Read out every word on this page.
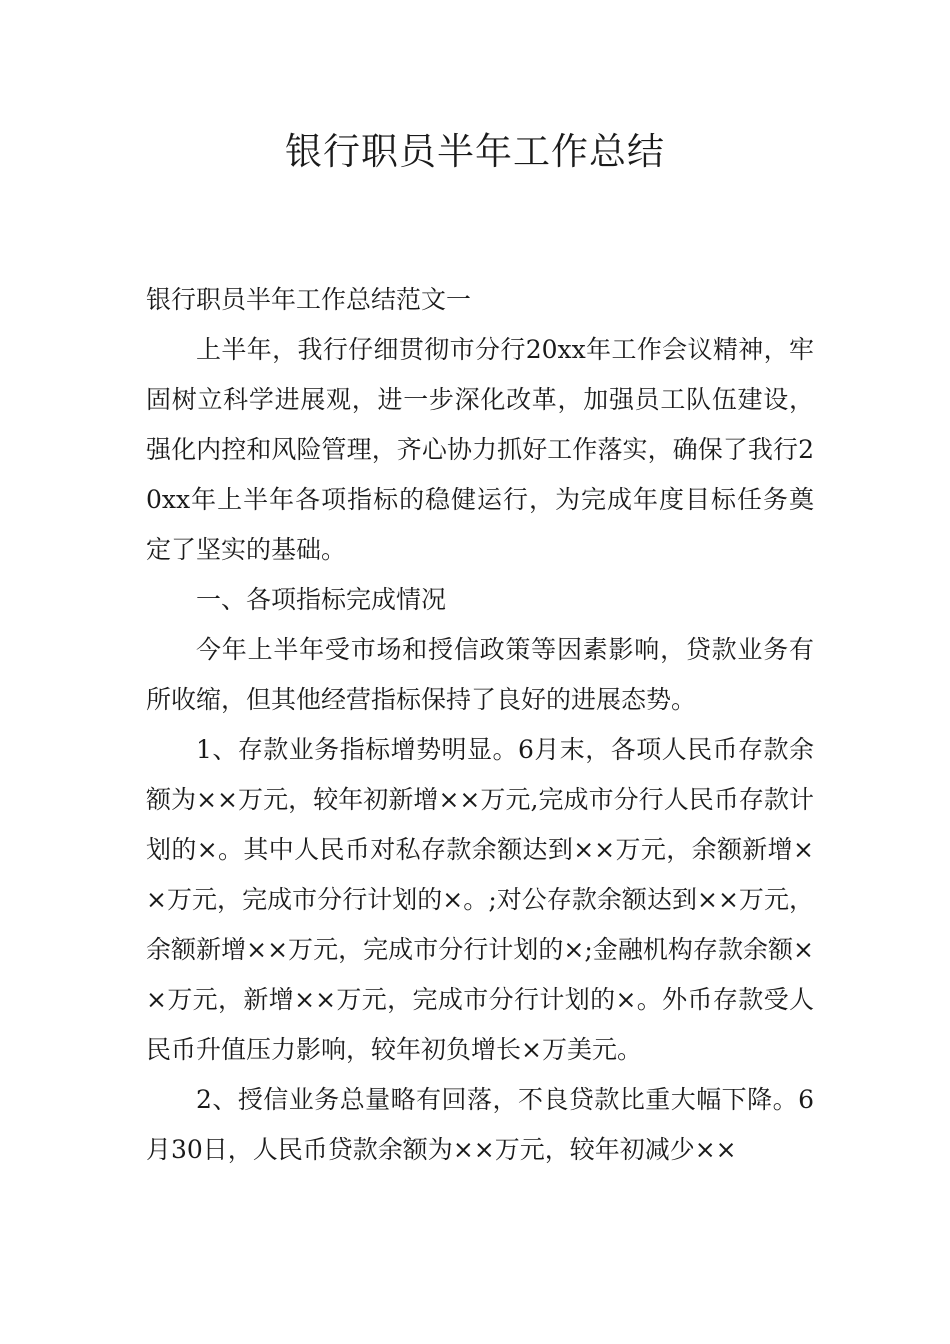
银行职员半年工作总结

银行职员半年工作总结范文一

上半年，我行仔细贯彻市分行20xx年工作会议精神，牢固树立科学进展观，进一步深化改革，加强员工队伍建设，强化内控和风险管理，齐心协力抓好工作落实，确保了我行20xx年上半年各项指标的稳健运行，为完成年度目标任务奠定了坚实的基础。

一、各项指标完成情况

今年上半年受市场和授信政策等因素影响，贷款业务有所收缩，但其他经营指标保持了良好的进展态势。

1、存款业务指标增势明显。6月末，各项人民币存款余额为××万元，较年初新增××万元,完成市分行人民币存款计划的×。其中人民币对私存款余额达到××万元，余额新增××万元，完成市分行计划的×。;对公存款余额达到××万元，余额新增××万元，完成市分行计划的×;金融机构存款余额××万元，新增××万元，完成市分行计划的×。外币存款受人民币升值压力影响，较年初负增长×万美元。

2、授信业务总量略有回落，不良贷款比重大幅下降。6月30日，人民币贷款余额为××万元，较年初减少××
